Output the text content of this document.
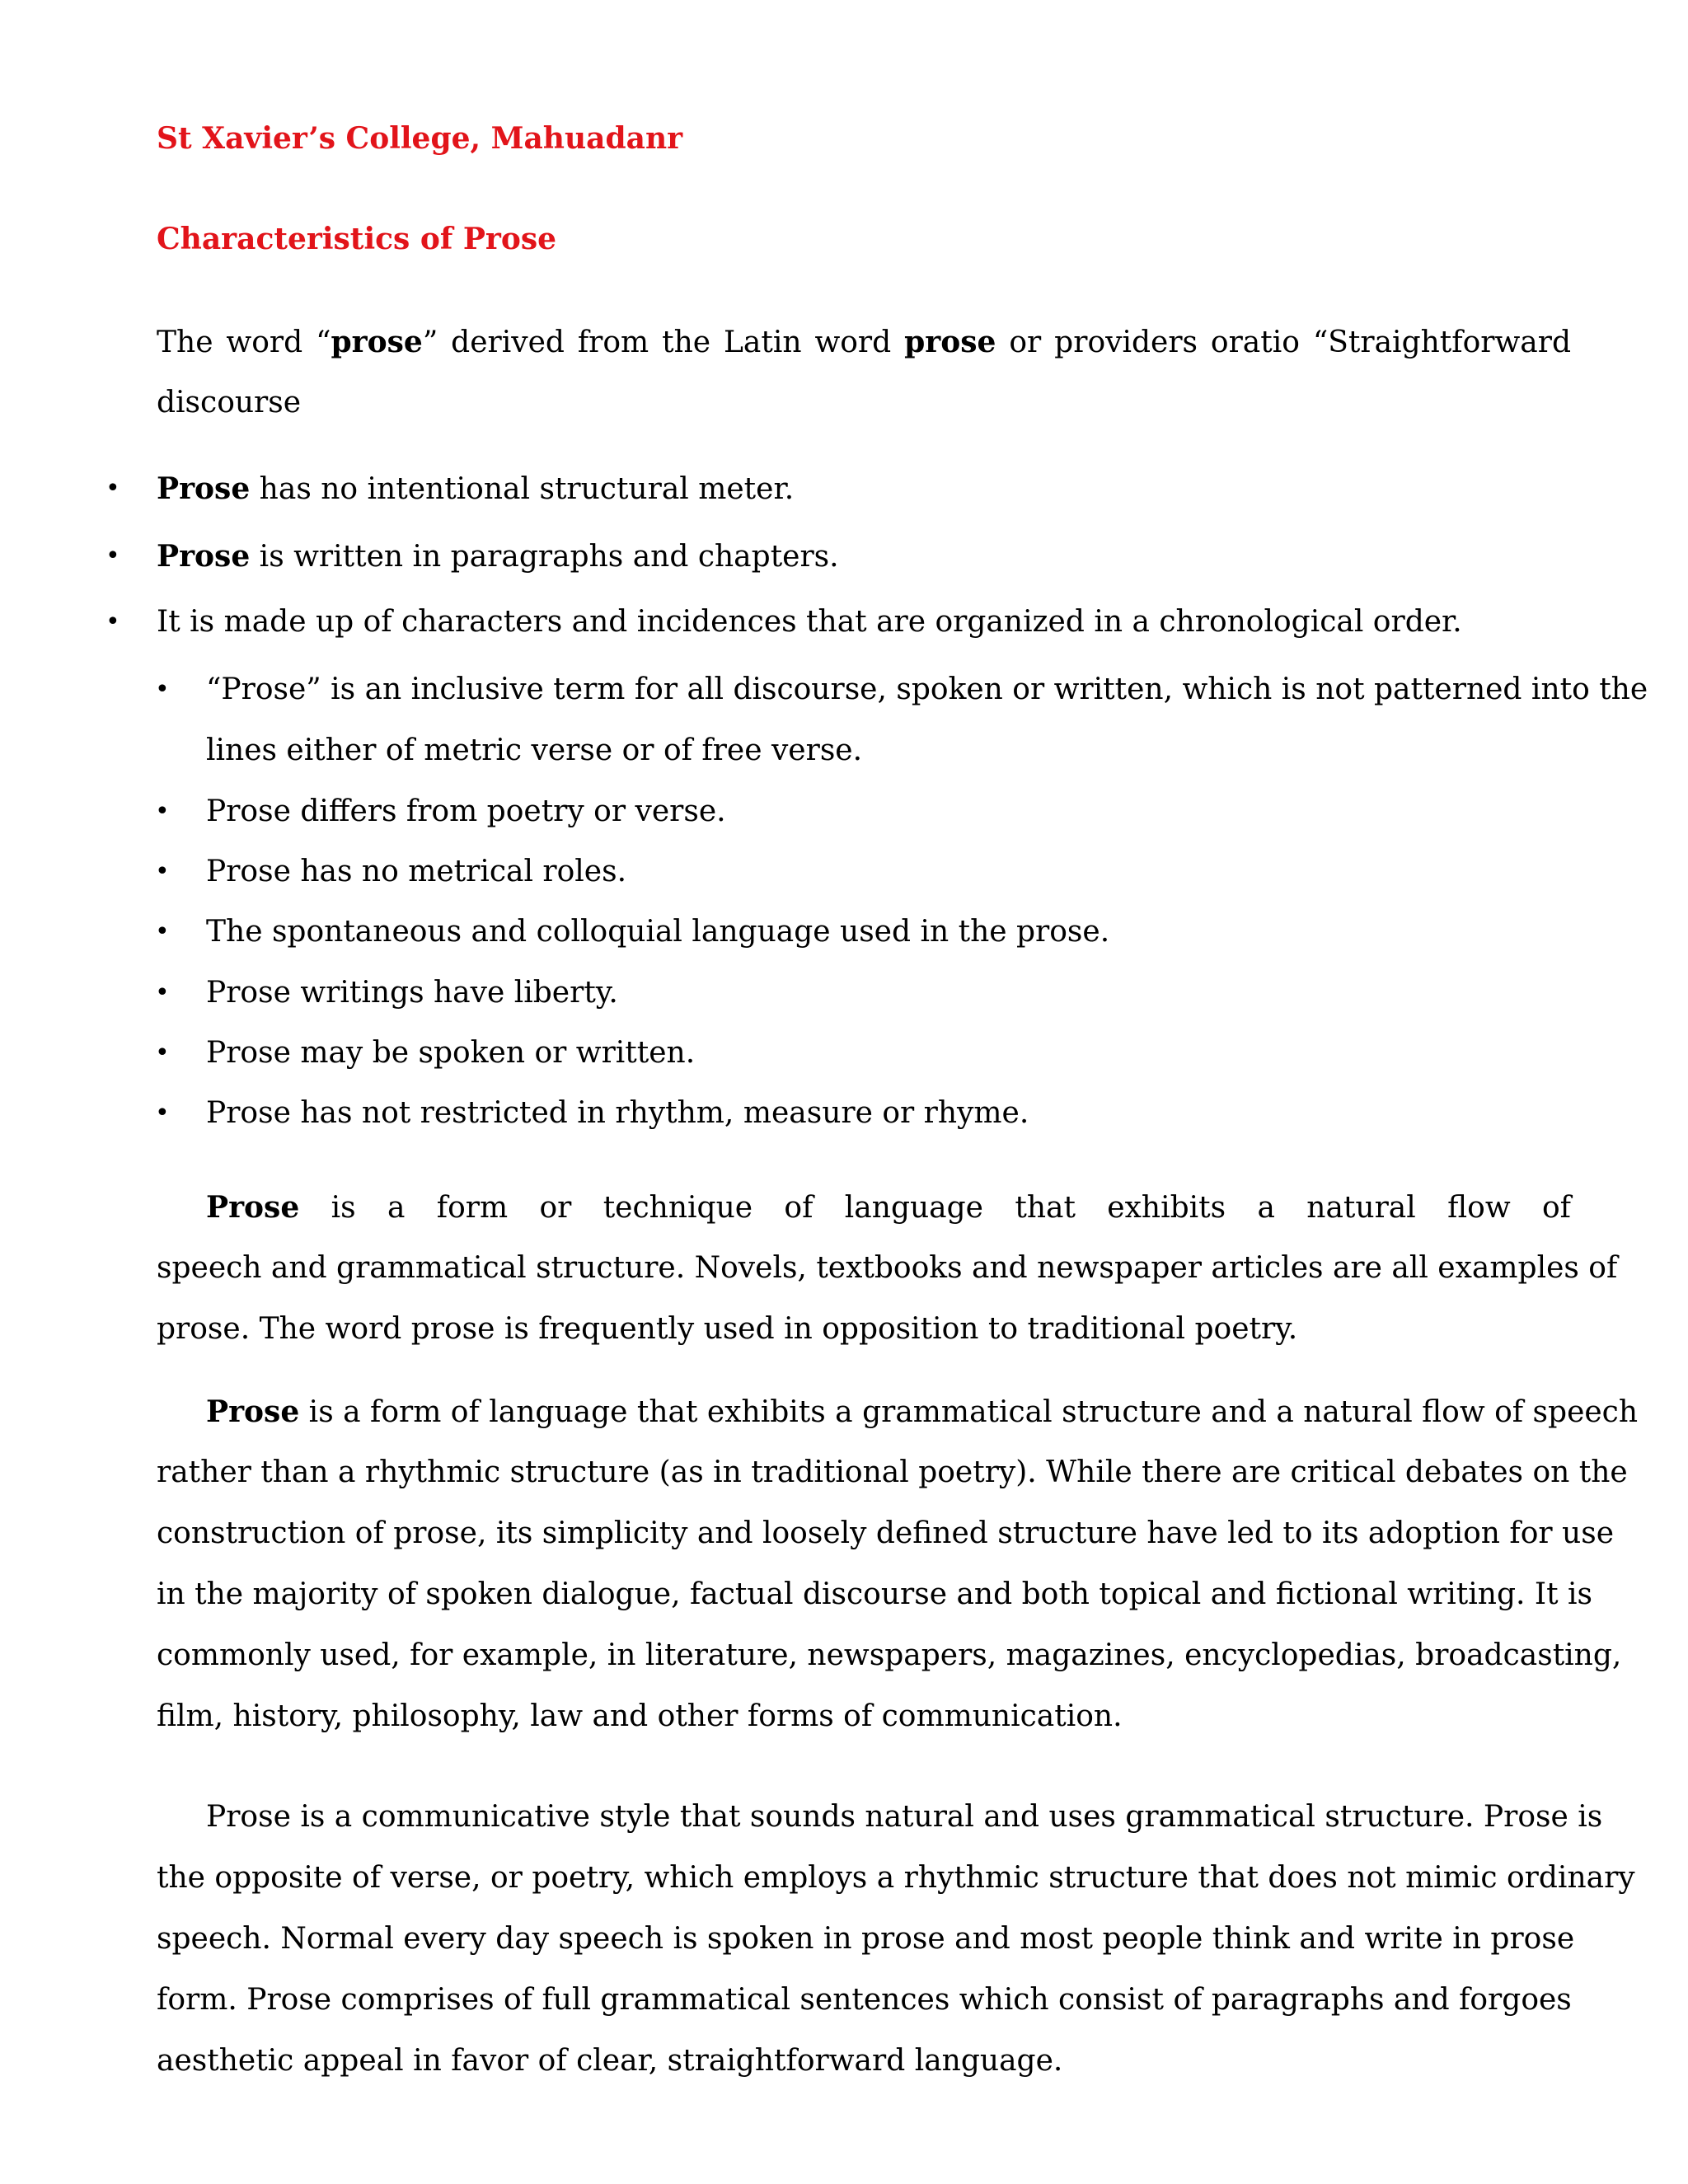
St Xavier’s College, Mahuadanr
Characteristics of Prose
The word “prose” derived from the Latin word prose or providers oratio “Straightforward
discourse
• Prose has no intentional structural meter.
• Prose is written in paragraphs and chapters.
• It is made up of characters and incidences that are organized in a chronological order.
• “Prose” is an inclusive term for all discourse, spoken or written, which is not patterned into the
lines either of metric verse or of free verse.
• Prose differs from poetry or verse.
• Prose has no metrical roles.
• The spontaneous and colloquial language used in the prose.
• Prose writings have liberty.
• Prose may be spoken or written.
• Prose has not restricted in rhythm, measure or rhyme.
Prose is a form or technique of language that exhibits a natural flow of
speech and grammatical structure. Novels, textbooks and newspaper articles are all examples of
prose. The word prose is frequently used in opposition to traditional poetry.
Prose is a form of language that exhibits a grammatical structure and a natural flow of speech
rather than a rhythmic structure (as in traditional poetry). While there are critical debates on the
construction of prose, its simplicity and loosely defined structure have led to its adoption for use
in the majority of spoken dialogue, factual discourse and both topical and fictional writing. It is
commonly used, for example, in literature, newspapers, magazines, encyclopedias, broadcasting,
film, history, philosophy, law and other forms of communication.
Prose is a communicative style that sounds natural and uses grammatical structure. Prose is
the opposite of verse, or poetry, which employs a rhythmic structure that does not mimic ordinary
speech. Normal every day speech is spoken in prose and most people think and write in prose
form. Prose comprises of full grammatical sentences which consist of paragraphs and forgoes
aesthetic appeal in favor of clear, straightforward language.
